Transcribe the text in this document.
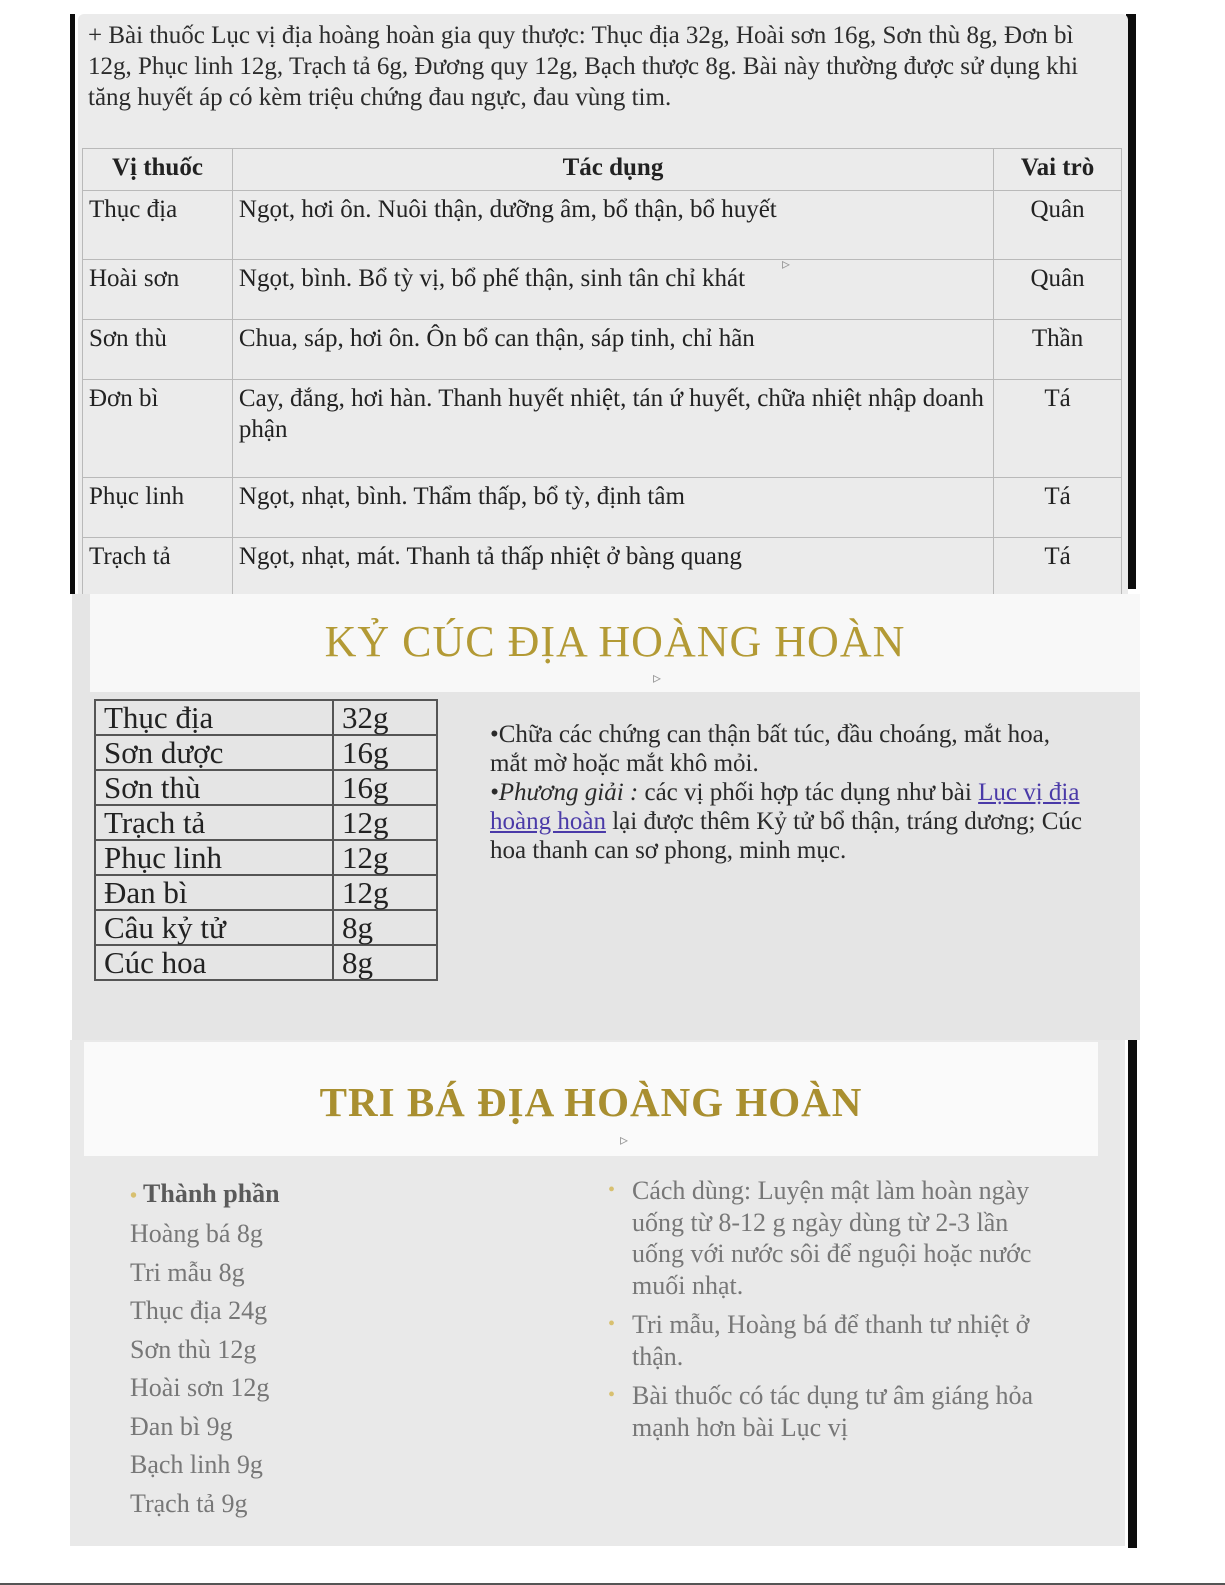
+ Bài thuốc Lục vị địa hoàng hoàn gia quy thược: Thục địa 32g, Hoài sơn 16g, Sơn thù 8g, Đơn bì 12g, Phục linh 12g, Trạch tả 6g, Đương quy 12g, Bạch thược 8g. Bài này thường được sử dụng khi tăng huyết áp có kèm triệu chứng đau ngực, đau vùng tim.
Vị thuốc	Tác dụng	Vai trò
Thục địa	Ngọt, hơi ôn. Nuôi thận, dưỡng âm, bổ thận, bổ huyết	Quân
Hoài sơn	Ngọt, bình. Bổ tỳ vị, bổ phế thận, sinh tân chỉ khát	Quân
Sơn thù	Chua, sáp, hơi ôn. Ôn bổ can thận, sáp tinh, chỉ hãn	Thần
Đơn bì	Cay, đắng, hơi hàn. Thanh huyết nhiệt, tán ứ huyết, chữa nhiệt nhập doanh phận	Tá
Phục linh	Ngọt, nhạt, bình. Thẩm thấp, bổ tỳ, định tâm	Tá
Trạch tả	Ngọt, nhạt, mát. Thanh tả thấp nhiệt ở bàng quang	Tá
▹
KỶ CÚC ĐỊA HOÀNG HOÀN
▹
Thục địa	32g
Sơn dược	16g
Sơn thù	16g
Trạch tả	12g
Phục linh	12g
Đan bì	12g
Câu kỷ tử	8g
Cúc hoa	8g
•Chữa các chứng can thận bất túc, đầu choáng, mắt hoa, mắt mờ hoặc mắt khô mỏi.
•Phương giải : các vị phối hợp tác dụng như bài Lục vị địa hoàng hoàn lại được thêm Kỷ tử bổ thận, tráng dương; Cúc hoa thanh can sơ phong, minh mục.
TRI BÁ ĐỊA HOÀNG HOÀN
▹
• Thành phần
Hoàng bá 8g
Tri mẫu 8g
Thục địa 24g
Sơn thù 12g
Hoài sơn 12g
Đan bì 9g
Bạch linh 9g
Trạch tả 9g
• Cách dùng: Luyện mật làm hoàn ngày uống từ 8-12 g ngày dùng từ 2-3 lần uống với nước sôi để nguội hoặc nước muối nhạt.
• Tri mẫu, Hoàng bá để thanh tư nhiệt ở thận.
• Bài thuốc có tác dụng tư âm giáng hỏa mạnh hơn bài Lục vị
